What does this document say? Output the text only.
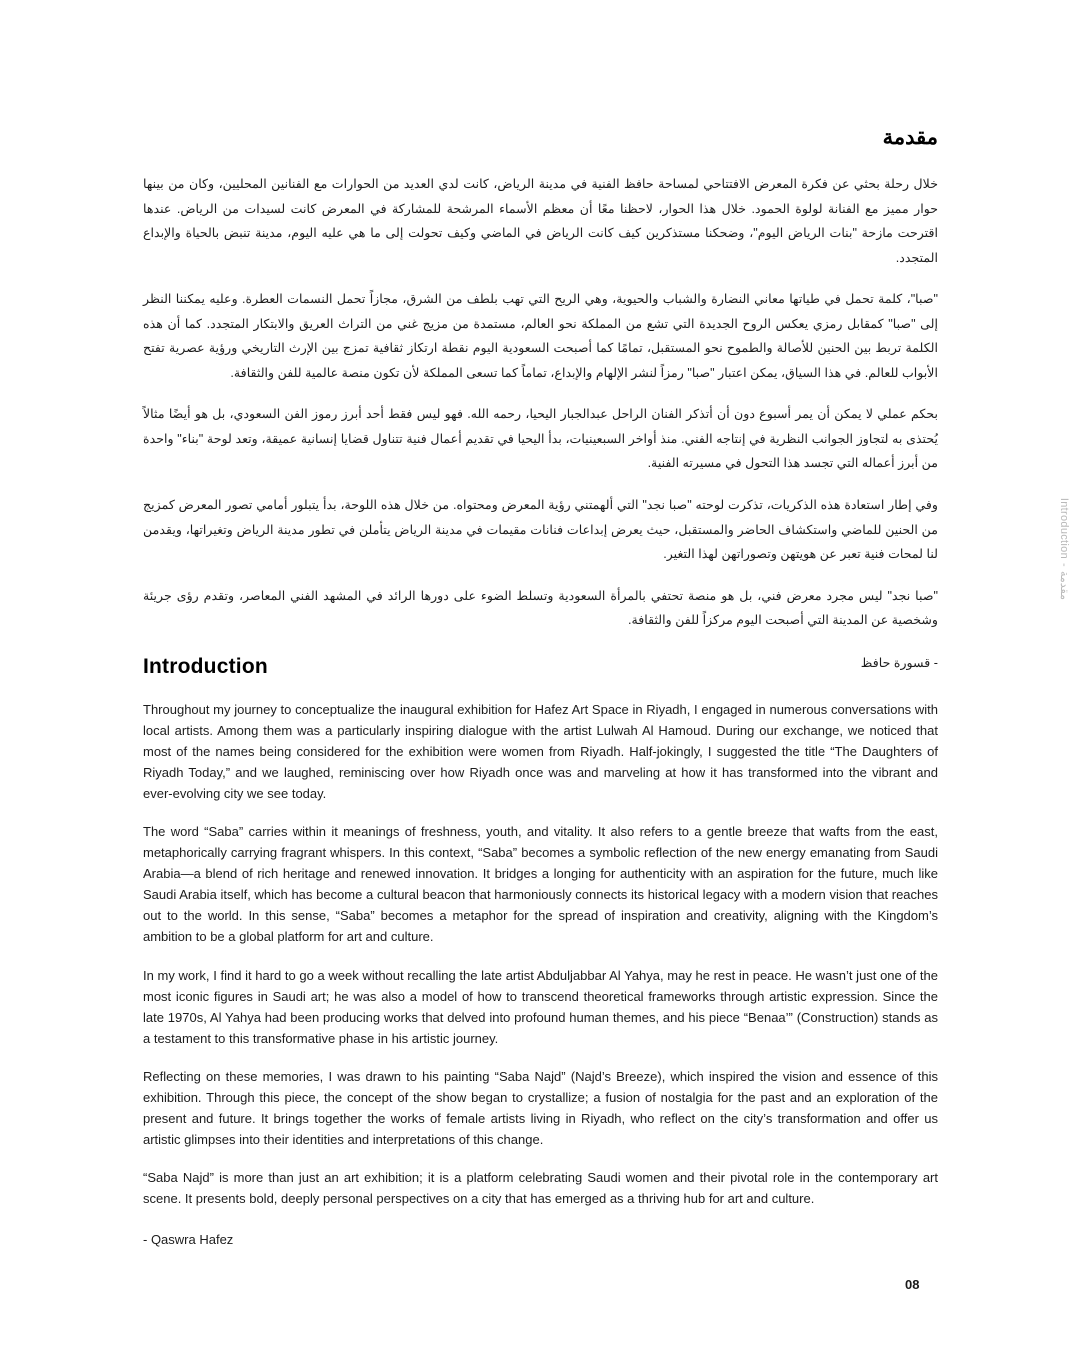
مقدمة

خلال رحلة بحثي عن فكرة المعرض الافتتاحي لمساحة حافظ الفنية في مدينة الرياض، كانت لدي العديد من الحوارات مع الفنانين المحليين، وكان من بينها حوار مميز مع الفنانة لولوة الحمود. خلال هذا الحوار، لاحظنا معًا أن معظم الأسماء المرشحة للمشاركة في المعرض كانت لسيدات من الرياض. عندها اقترحت مازحة "بنات الرياض اليوم"، وضحكنا مستذكرين كيف كانت الرياض في الماضي وكيف تحولت إلى ما هي عليه اليوم، مدينة تنبض بالحياة والإبداع المتجدد.

"صبا"، كلمة تحمل في طياتها معاني النضارة والشباب والحيوية، وهي الريح التي تهب بلطف من الشرق، مجازاً تحمل النسمات العطرة. وعليه يمكننا النظر إلى "صبا" كمقابل رمزي يعكس الروح الجديدة التي تشع من المملكة نحو العالم، مستمدة من مزيج غني من التراث العريق والابتكار المتجدد. كما أن هذه الكلمة تربط بين الحنين للأصالة والطموح نحو المستقبل، تمامًا كما أصبحت السعودية اليوم نقطة ارتكاز ثقافية تمزج بين الإرث التاريخي ورؤية عصرية تفتح الأبواب للعالم. في هذا السياق، يمكن اعتبار "صبا" رمزاً لنشر الإلهام والإبداع، تماماً كما تسعى المملكة لأن تكون منصة عالمية للفن والثقافة.

بحكم عملي لا يمكن أن يمر أسبوع دون أن أتذكر الفنان الراحل عبدالجبار اليحيا، رحمه الله. فهو ليس فقط أحد أبرز رموز الفن السعودي، بل هو أيضًا مثالاً يُحتذى به لتجاوز الجوانب النظرية في إنتاجه الفني. منذ أواخر السبعينيات، بدأ اليحيا في تقديم أعمال فنية تتناول قضايا إنسانية عميقة، وتعد لوحة "بناء" واحدة من أبرز أعماله التي تجسد هذا التحول في مسيرته الفنية.

وفي إطار استعادة هذه الذكريات، تذكرت لوحته "صبا نجد" التي ألهمتني رؤية المعرض ومحتواه. من خلال هذه اللوحة، بدأ يتبلور أمامي تصور المعرض كمزيج من الحنين للماضي واستكشاف الحاضر والمستقبل، حيث يعرض إبداعات فنانات مقيمات في مدينة الرياض يتأملن في تطور مدينة الرياض وتغيراتها، ويقدمن لنا لمحات فنية تعبر عن هويتهن وتصوراتهن لهذا التغير.

"صبا نجد" ليس مجرد معرض فني، بل هو منصة تحتفي بالمرأة السعودية وتسلط الضوء على دورها الرائد في المشهد الفني المعاصر، وتقدم رؤى جريئة وشخصية عن المدينة التي أصبحت اليوم مركزاً للفن والثقافة.

- قسورة حافظ

Introduction

Throughout my journey to conceptualize the inaugural exhibition for Hafez Art Space in Riyadh, I engaged in numerous conversations with local artists. Among them was a particularly inspiring dialogue with the artist Lulwah Al Hamoud. During our exchange, we noticed that most of the names being considered for the exhibition were women from Riyadh. Half-jokingly, I suggested the title “The Daughters of Riyadh Today,” and we laughed, reminiscing over how Riyadh once was and marveling at how it has transformed into the vibrant and ever-evolving city we see today.

The word “Saba” carries within it meanings of freshness, youth, and vitality. It also refers to a gentle breeze that wafts from the east, metaphorically carrying fragrant whispers. In this context, “Saba” becomes a symbolic reflection of the new energy emanating from Saudi Arabia—a blend of rich heritage and renewed innovation. It bridges a longing for authenticity with an aspiration for the future, much like Saudi Arabia itself, which has become a cultural beacon that harmoniously connects its historical legacy with a modern vision that reaches out to the world. In this sense, “Saba” becomes a metaphor for the spread of inspiration and creativity, aligning with the Kingdom’s ambition to be a global platform for art and culture.

In my work, I find it hard to go a week without recalling the late artist Abduljabbar Al Yahya, may he rest in peace. He wasn’t just one of the most iconic figures in Saudi art; he was also a model of how to transcend theoretical frameworks through artistic expression. Since the late 1970s, Al Yahya had been producing works that delved into profound human themes, and his piece “Benaa’” (Construction) stands as a testament to this transformative phase in his artistic journey.

Reflecting on these memories, I was drawn to his painting “Saba Najd” (Najd’s Breeze), which inspired the vision and essence of this exhibition. Through this piece, the concept of the show began to crystallize; a fusion of nostalgia for the past and an exploration of the present and future. It brings together the works of female artists living in Riyadh, who reflect on the city’s transformation and offer us artistic glimpses into their identities and interpretations of this change.

“Saba Najd” is more than just an art exhibition; it is a platform celebrating Saudi women and their pivotal role in the contemporary art scene. It presents bold, deeply personal perspectives on a city that has emerged as a thriving hub for art and culture.

- Qaswra Hafez

Introduction-مقدمة
08
